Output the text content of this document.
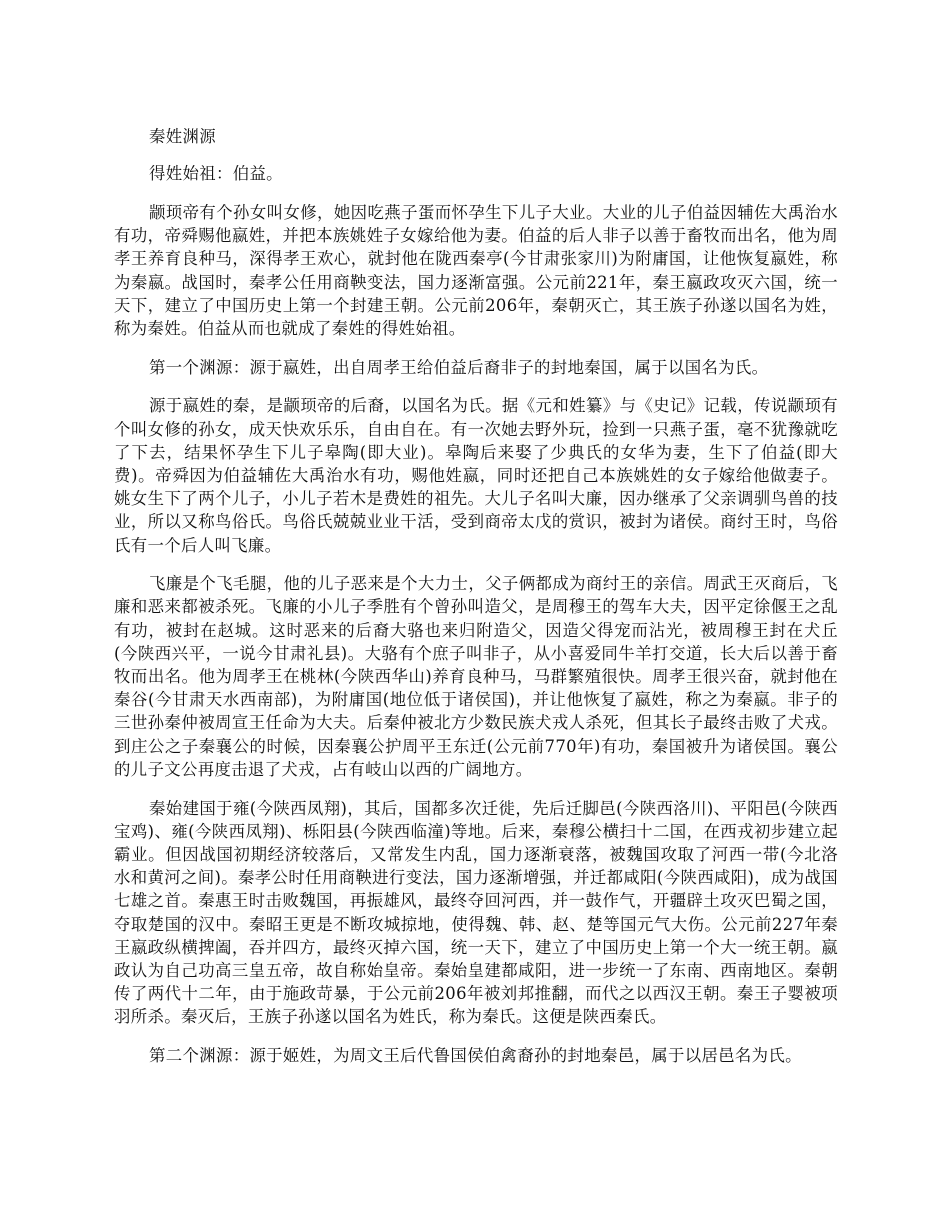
秦姓渊源

得姓始祖：伯益。

颛顼帝有个孙女叫女修，她因吃燕子蛋而怀孕生下儿子大业。大业的儿子伯益因辅佐大禹治水有功，帝舜赐他嬴姓，并把本族姚姓子女嫁给他为妻。伯益的后人非子以善于畜牧而出名，他为周孝王养育良种马，深得孝王欢心，就封他在陇西秦亭(今甘肃张家川)为附庸国，让他恢复嬴姓，称为秦嬴。战国时，秦孝公任用商鞅变法，国力逐渐富强。公元前221年，秦王嬴政攻灭六国，统一天下，建立了中国历史上第一个封建王朝。公元前206年，秦朝灭亡，其王族子孙遂以国名为姓，称为秦姓。伯益从而也就成了秦姓的得姓始祖。

第一个渊源：源于嬴姓，出自周孝王给伯益后裔非子的封地秦国，属于以国名为氏。

源于嬴姓的秦，是颛顼帝的后裔，以国名为氏。据《元和姓纂》与《史记》记载，传说颛顼有个叫女修的孙女，成天快欢乐乐，自由自在。有一次她去野外玩，捡到一只燕子蛋，毫不犹豫就吃了下去，结果怀孕生下儿子皋陶(即大业)。皋陶后来娶了少典氏的女华为妻，生下了伯益(即大费)。帝舜因为伯益辅佐大禹治水有功，赐他姓嬴，同时还把自己本族姚姓的女子嫁给他做妻子。姚女生下了两个儿子，小儿子若木是费姓的祖先。大儿子名叫大廉，因办继承了父亲调驯鸟兽的技业，所以又称鸟俗氏。鸟俗氏兢兢业业干活，受到商帝太戊的赏识，被封为诸侯。商纣王时，鸟俗氏有一个后人叫飞廉。

飞廉是个飞毛腿，他的儿子恶来是个大力士，父子俩都成为商纣王的亲信。周武王灭商后，飞廉和恶来都被杀死。飞廉的小儿子季胜有个曾孙叫造父，是周穆王的驾车大夫，因平定徐偃王之乱有功，被封在赵城。这时恶来的后裔大骆也来归附造父，因造父得宠而沾光，被周穆王封在犬丘(今陕西兴平，一说今甘肃礼县)。大骆有个庶子叫非子，从小喜爱同牛羊打交道，长大后以善于畜牧而出名。他为周孝王在桃林(今陕西华山)养育良种马，马群繁殖很快。周孝王很兴奋，就封他在秦谷(今甘肃天水西南部)，为附庸国(地位低于诸侯国)，并让他恢复了嬴姓，称之为秦嬴。非子的三世孙秦仲被周宣王任命为大夫。后秦仲被北方少数民族犬戎人杀死，但其长子最终击败了犬戎。到庄公之子秦襄公的时候，因秦襄公护周平王东迁(公元前770年)有功，秦国被升为诸侯国。襄公的儿子文公再度击退了犬戎，占有岐山以西的广阔地方。

秦始建国于雍(今陕西凤翔)，其后，国都多次迁徙，先后迁脚邑(今陕西洛川)、平阳邑(今陕西宝鸡)、雍(今陕西凤翔)、栎阳县(今陕西临潼)等地。后来，秦穆公横扫十二国，在西戎初步建立起霸业。但因战国初期经济较落后，又常发生内乱，国力逐渐衰落，被魏国攻取了河西一带(今北洛水和黄河之间)。秦孝公时任用商鞅进行变法，国力逐渐增强，并迁都咸阳(今陕西咸阳)，成为战国七雄之首。秦惠王时击败魏国，再振雄风，最终夺回河西，并一鼓作气，开疆辟土攻灭巴蜀之国，夺取楚国的汉中。秦昭王更是不断攻城掠地，使得魏、韩、赵、楚等国元气大伤。公元前227年秦王嬴政纵横捭阖，吞并四方，最终灭掉六国，统一天下，建立了中国历史上第一个大一统王朝。嬴政认为自己功高三皇五帝，故自称始皇帝。秦始皇建都咸阳，进一步统一了东南、西南地区。秦朝传了两代十二年，由于施政苛暴，于公元前206年被刘邦推翻，而代之以西汉王朝。秦王子婴被项羽所杀。秦灭后，王族子孙遂以国名为姓氏，称为秦氏。这便是陕西秦氏。

第二个渊源：源于姬姓，为周文王后代鲁国侯伯禽裔孙的封地秦邑，属于以居邑名为氏。
